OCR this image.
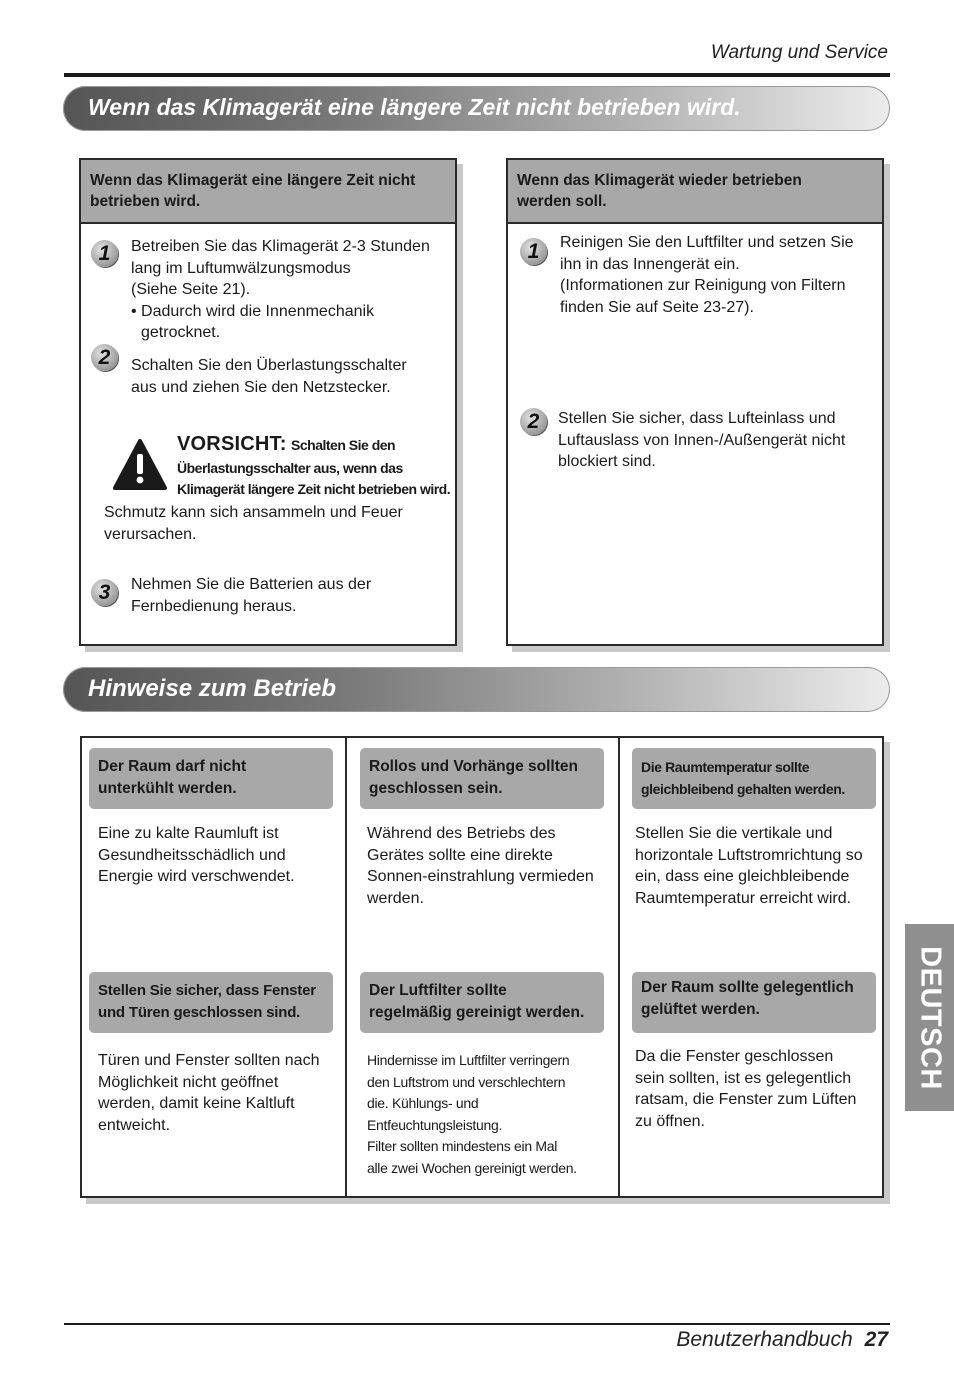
Wartung und Service
Wenn das Klimagerät eine längere Zeit nicht betrieben wird.
Wenn das Klimagerät eine längere Zeit nicht
betrieben wird.
1	Betreiben Sie das Klimagerät 2-3 Stunden
lang im Luftumwälzungsmodus
(Siehe Seite 21).
• Dadurch wird die Innenmechanik
getrocknet.
2	Schalten Sie den Überlastungsschalter
aus und ziehen Sie den Netzstecker.
VORSICHT: Schalten Sie den
Überlastungsschalter aus, wenn das
Klimagerät längere Zeit nicht betrieben wird.
Schmutz kann sich ansammeln und Feuer
verursachen.
3	Nehmen Sie die Batterien aus der
Fernbedienung heraus.
Wenn das Klimagerät wieder betrieben
werden soll.
1	Reinigen Sie den Luftfilter und setzen Sie
ihn in das Innengerät ein.
(Informationen zur Reinigung von Filtern
finden Sie auf Seite 23-27).
2	Stellen Sie sicher, dass Lufteinlass und
Luftauslass von Innen-/Außengerät nicht
blockiert sind.
Hinweise zum Betrieb
Der Raum darf nicht
unterkühlt werden.
Eine zu kalte Raumluft ist
Gesundheitsschädlich und
Energie wird verschwendet.
Rollos und Vorhänge sollten
geschlossen sein.
Während des Betriebs des
Gerätes sollte eine direkte
Sonnen-einstrahlung vermieden
werden.
Die Raumtemperatur sollte
gleichbleibend gehalten werden.
Stellen Sie die vertikale und
horizontale Luftstromrichtung so
ein, dass eine gleichbleibende
Raumtemperatur erreicht wird.
Stellen Sie sicher, dass Fenster
und Türen geschlossen sind.
Türen und Fenster sollten nach
Möglichkeit nicht geöffnet
werden, damit keine Kaltluft
entweicht.
Der Luftfilter sollte
regelmäßig gereinigt werden.
Hindernisse im Luftfilter verringern
den Luftstrom und verschlechtern
die. Kühlungs- und
Entfeuchtungsleistung.
Filter sollten mindestens ein Mal
alle zwei Wochen gereinigt werden.
Der Raum sollte gelegentlich
gelüftet werden.
Da die Fenster geschlossen
sein sollten, ist es gelegentlich
ratsam, die Fenster zum Lüften
zu öffnen.
DEUTSCH
Benutzerhandbuch 27
